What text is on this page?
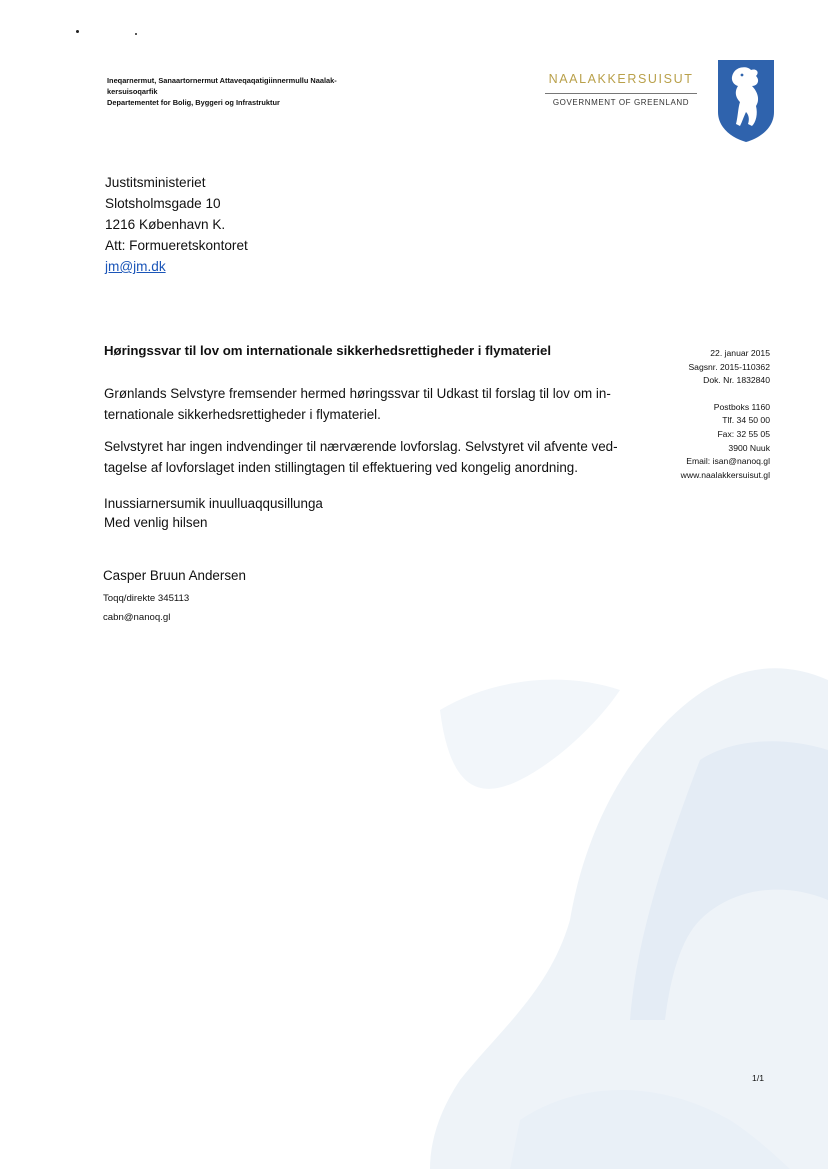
Ineqarnermut, Sanaartornermut Attaveqaqatigiinnermullu Naalak-
kersuisoqarfik
Departementet for Bolig, Byggeri og Infrastruktur
NAALAKKERSUISUT
GOVERNMENT OF GREENLAND
Justitsministeriet
Slotsholmsgade 10
1216 København K.
Att: Formueretskontoret
jm@jm.dk
Høringssvar til lov om internationale sikkerhedsrettigheder i flymateriel
Grønlands Selvstyre fremsender hermed høringssvar til Udkast til forslag til lov om in-
ternationale sikkerhedsrettigheder i flymateriel.
Selvstyret har ingen indvendinger til nærværende lovforslag. Selvstyret vil afvente ved-
tagelse af lovforslaget inden stillingtagen til effektuering ved kongelig anordning.
Inussiarnersumik inuulluaqqusillunga
Med venlig hilsen
Casper Bruun Andersen
Toqq/direkte 345113
cabn@nanoq.gl
22. januar 2015
Sagsnr. 2015-110362
Dok. Nr. 1832840
Postboks 1160
Tlf. 34 50 00
Fax: 32 55 05
3900 Nuuk
Email: isan@nanoq.gl
www.naalakkersuisut.gl
1/1
